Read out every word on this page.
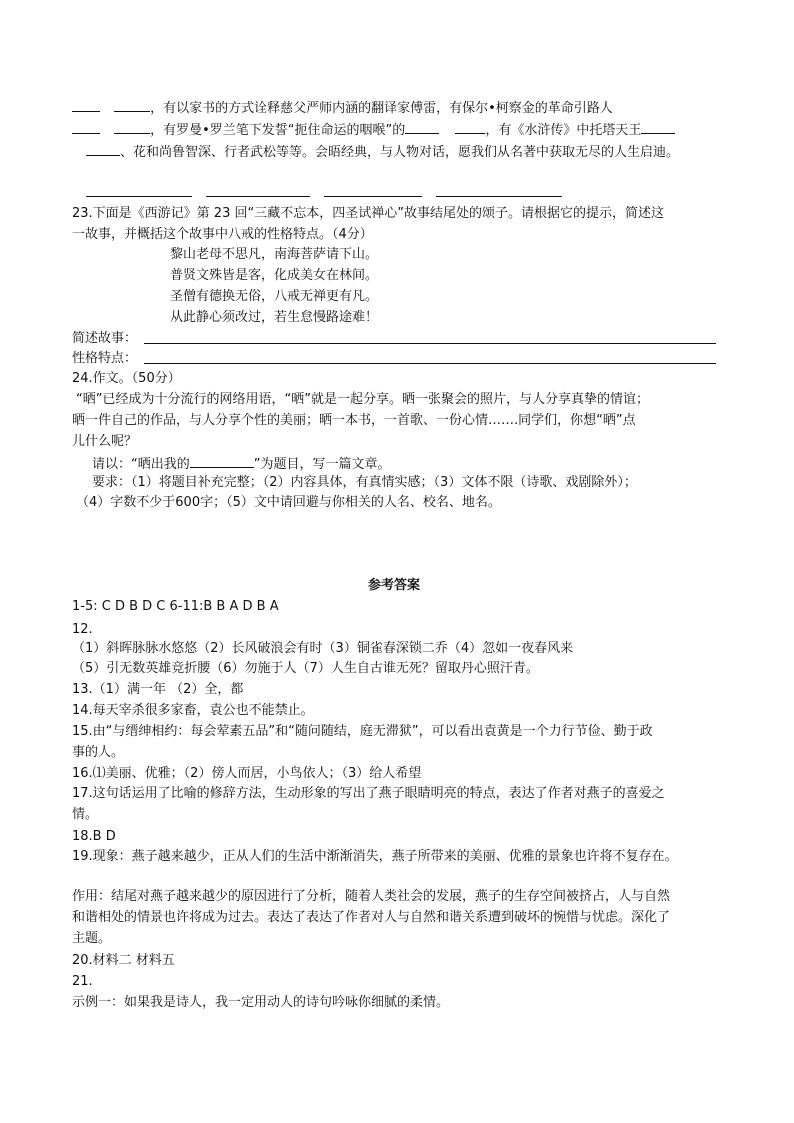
，有以家书的方式诠释慈父严师内涵的翻译家傅雷，有保尔•柯察金的革命引路人
，有罗曼•罗兰笔下发誓“扼住命运的咽喉”的	，有《水浒传》中托塔天王
、花和尚鲁智深、行者武松等等。会晤经典，与人物对话，愿我们从名著中获取无尽的人生启迪。
23.下面是《西游记》第 23 回“三藏不忘本，四圣试禅心”故事结尾处的颂子。请根据它的提示，简述这
一故事，并概括这个故事中八戒的性格特点。（4分）
黎山老母不思凡，南海菩萨请下山。
普贤文殊皆是客，化成美女在林间。
圣僧有德换无俗，八戒无禅更有凡。
从此静心须改过，若生怠慢路途难！
简述故事：
性格特点：
24.作文。（50分）
“晒”已经成为十分流行的网络用语，“晒”就是一起分享。晒一张聚会的照片，与人分享真挚的情谊；
晒一件自己的作品，与人分享个性的美丽；晒一本书，一首歌、一份心情…….同学们，你想“晒”点
儿什么呢？
请以：“晒出我的	”为题目，写一篇文章。
要求：（1）将题目补充完整；（2）内容具体，有真情实感；（3）文体不限（诗歌、戏剧除外）；
（4）字数不少于600字；（5）文中请回避与你相关的人名、校名、地名。
参考答案
1-5: C D B D C 6-11:B B A D B A
12.
（1）斜晖脉脉水悠悠（2）长风破浪会有时（3）铜雀春深锁二乔（4）忽如一夜春风来
（5）引无数英雄竞折腰（6）勿施于人（7）人生自古谁无死？留取丹心照汗青。
13.（1）满一年 （2）全，都
14.每天宰杀很多家畜，袁公也不能禁止。
15.由“与缙绅相约：每会荤素五品”和“随问随结，庭无滞狱”，可以看出袁黄是一个力行节俭、勤于政
事的人。
16.⑴美丽、优雅；（2）傍人而居，小鸟依人；（3）给人希望
17.这句话运用了比喻的修辞方法，生动形象的写出了燕子眼睛明亮的特点，表达了作者对燕子的喜爱之
情。
18.B D
19.现象：燕子越来越少，正从人们的生活中渐渐消失，燕子所带来的美丽、优雅的景象也许将不复存在。
作用：结尾对燕子越来越少的原因进行了分析，随着人类社会的发展，燕子的生存空间被挤占，人与自然
和谐相处的情景也许将成为过去。表达了表达了作者对人与自然和谐关系遭到破坏的惋惜与忧虑。深化了
主题。
20.材料二 材料五
21.
示例一：如果我是诗人，我一定用动人的诗句吟咏你细腻的柔情。
